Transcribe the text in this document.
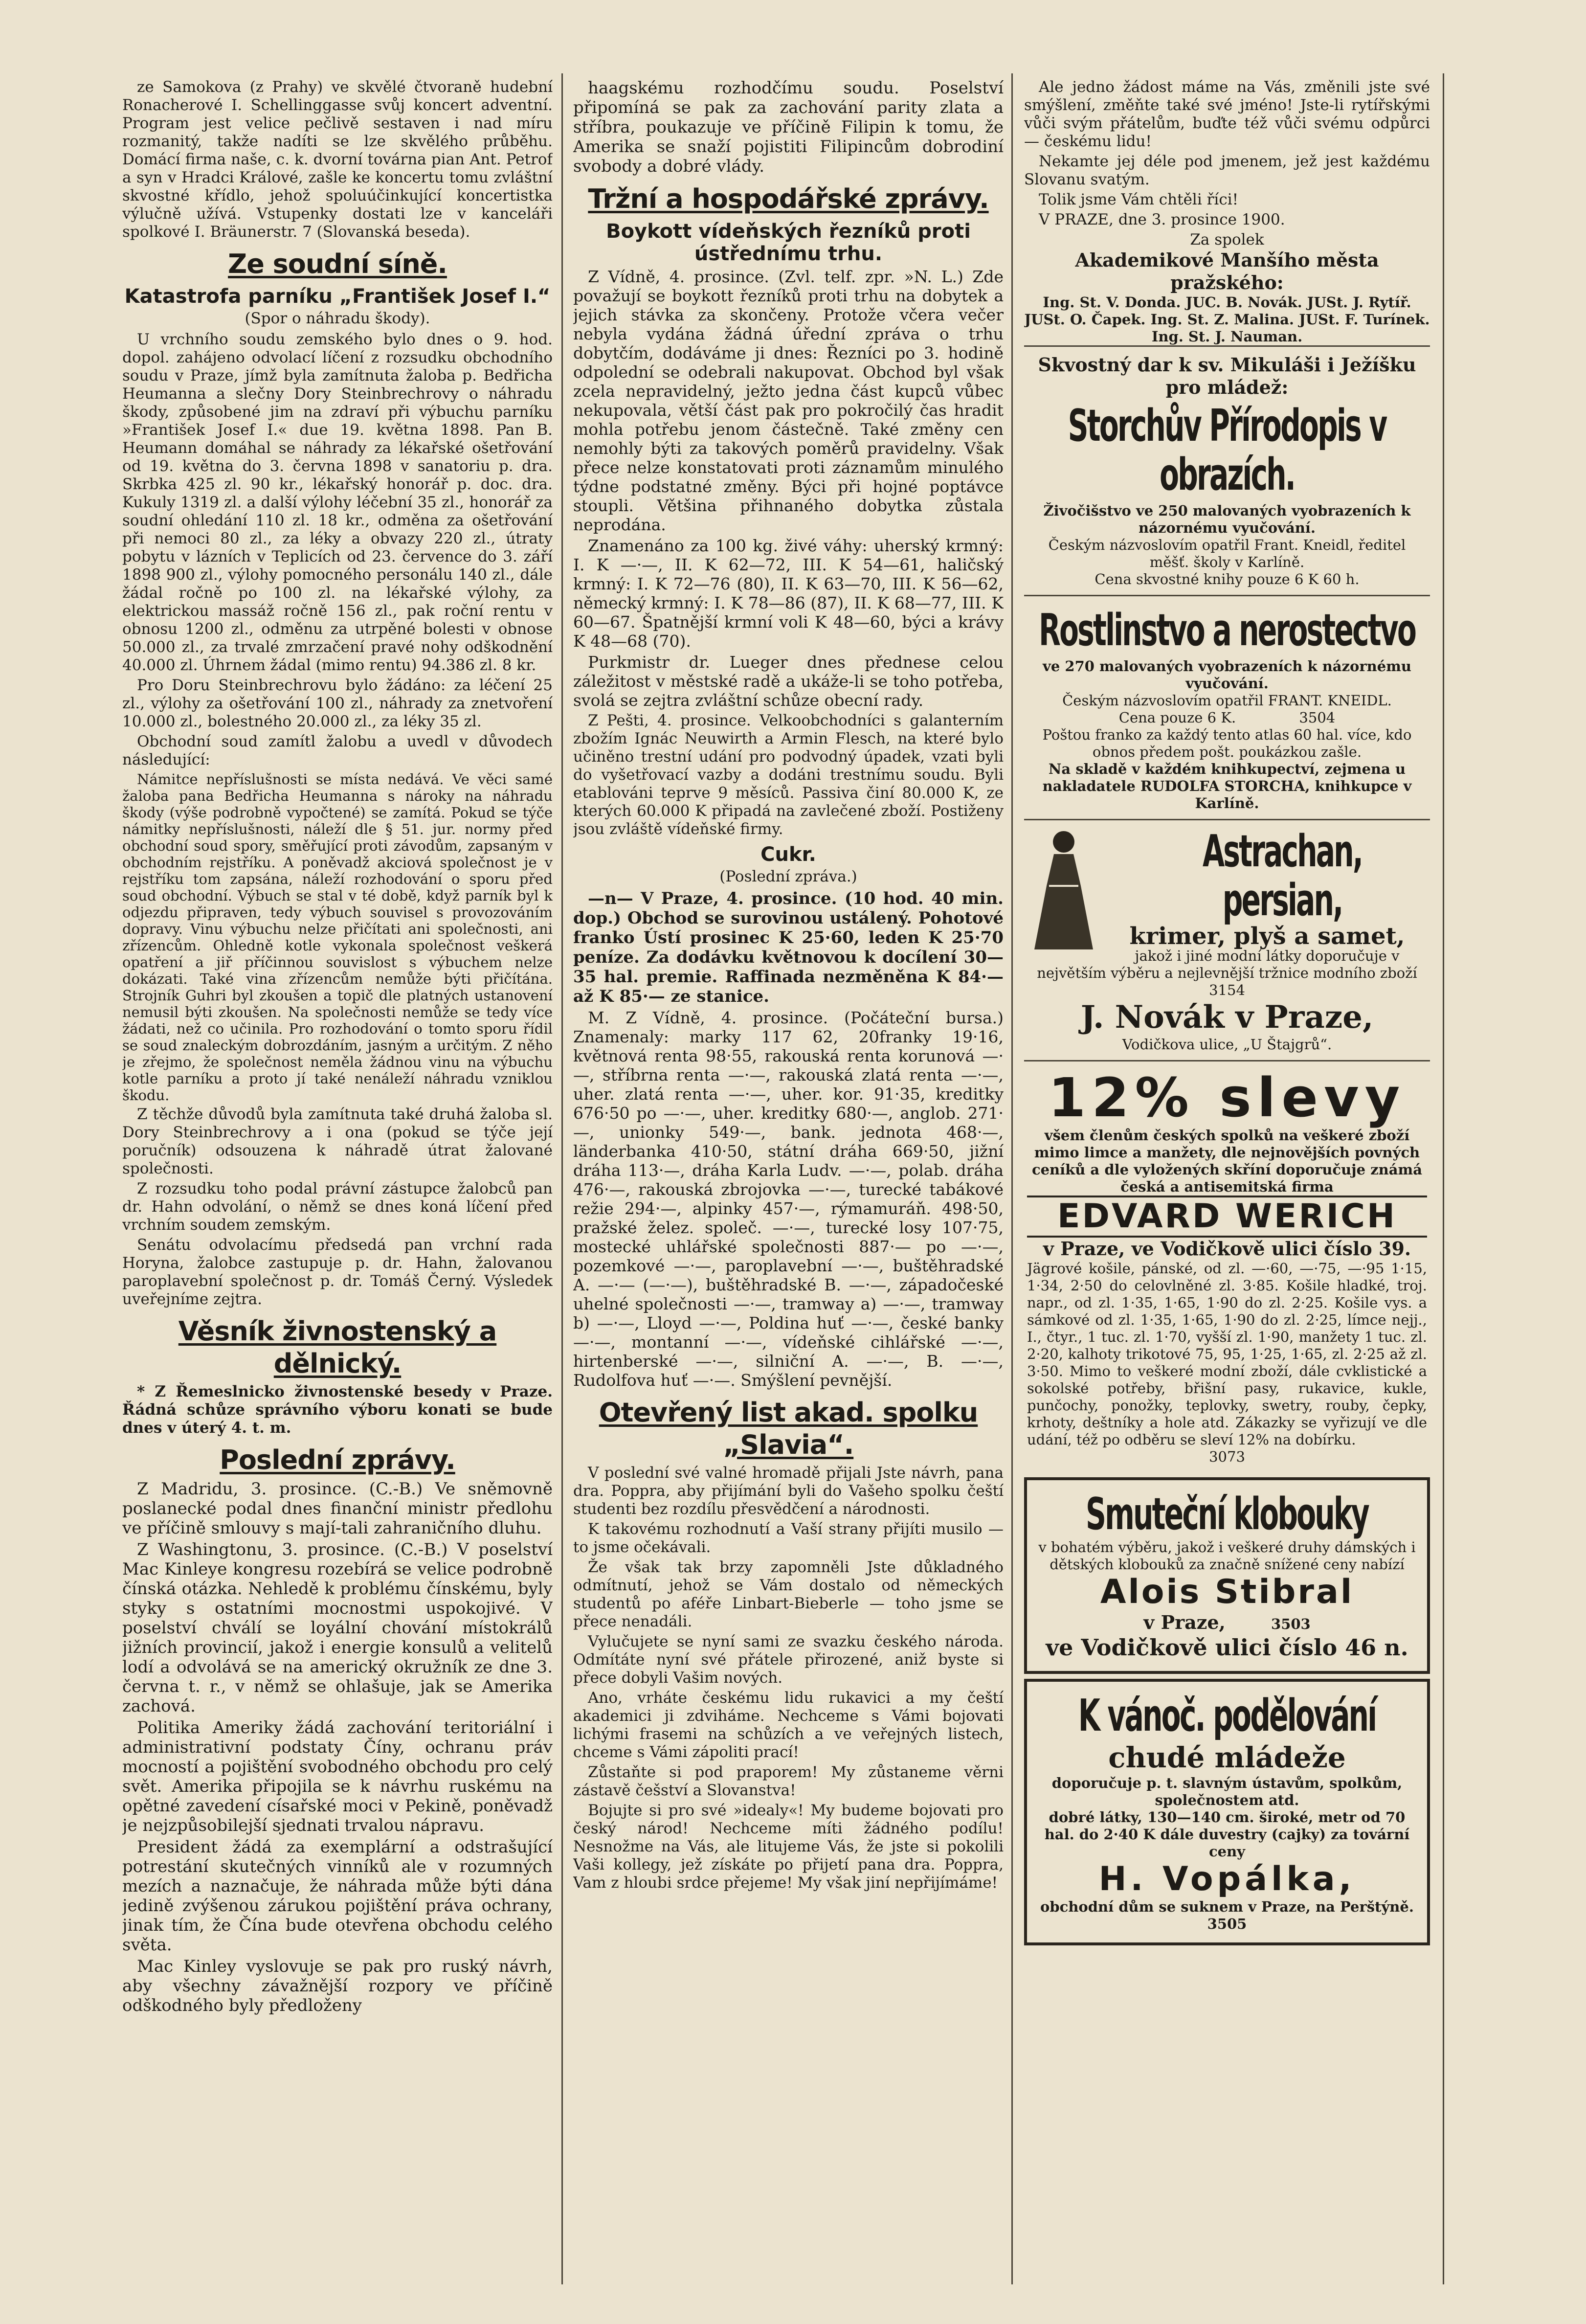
ze Samokova (z Prahy) ve skvělé čtvoraně hudební Ronacherové I. Schellinggasse svůj koncert adventní. Program jest velice pečlivě sestaven i nad míru rozmanitý, takže nadíti se lze skvělého průběhu. Domácí firma naše, c. k. dvorní továrna pian Ant. Petrof a syn v Hradci Králové, zašle ke koncertu tomu zvláštní skvostné křídlo, jehož spoluúčinkující koncertistka výlučně užívá. Vstupenky dostati lze v kanceláři spolkové I. Bräunerstr. 7 (Slovanská beseda).

Ze soudní síně.
Katastrofa parníku „František Josef I.“
(Spor o náhradu škody).

U vrchního soudu zemského bylo dnes o 9. hod. dopol. zahájeno odvolací líčení z rozsudku obchodního soudu v Praze, jímž byla zamítnuta žaloba p. Bedřicha Heumanna a slečny Dory Steinbrechrovy o náhradu škody, způsobené jim na zdraví při výbuchu parníku »František Josef I.« due 19. května 1898. Pan B. Heumann domáhal se náhrady za lékařské ošetřování od 19. května do 3. června 1898 v sanatoriu p. dra. Skrbka 425 zl. 90 kr., lékařský honorář p. doc. dra. Kukuly 1319 zl. a další výlohy léčební 35 zl., honorář za soudní ohledání 110 zl. 18 kr., odměna za ošetřování při nemoci 80 zl., za léky a obvazy 220 zl., útraty pobytu v lázních v Teplicích od 23. července do 3. září 1898 900 zl., výlohy pomocného personálu 140 zl., dále žádal ročně po 100 zl. na lékařské výlohy, za elektrickou massáž ročně 156 zl., pak roční rentu v obnosu 1200 zl., odměnu za utrpěné bolesti v obnose 50.000 zl., za trvalé zmrzačení pravé nohy odškodnění 40.000 zl. Úhrnem žádal (mimo rentu) 94.386 zl. 8 kr.

Pro Doru Steinbrechrovu bylo žádáno: za léčení 25 zl., výlohy za ošetřování 100 zl., náhrady za znetvoření 10.000 zl., bolestného 20.000 zl., za léky 35 zl.

Obchodní soud zamítl žalobu a uvedl v důvodech následující:

Námitce nepříslušnosti se místa nedává. Ve věci samé žaloba pana Bedřicha Heumanna s nároky na náhradu škody (výše podrobně vypočtené) se zamítá. Pokud se týče námitky nepříslušnosti, náleží dle § 51. jur. normy před obchodní soud spory, směřující proti závodům, zapsaným v obchodním rejstříku. A poněvadž akciová společnost je v rejstříku tom zapsána, náleží rozhodování o sporu před soud obchodní. Výbuch se stal v té době, když parník byl k odjezdu připraven, tedy výbuch souvisel s provozováním dopravy. Vinu výbuchu nelze přičítati ani společnosti, ani zřízencům. Ohledně kotle vykonala společnost veškerá opatření a jiř příčinnou souvislost s výbuchem nelze dokázati. Také vina zřízencům nemůže býti přičítána. Strojník Guhri byl zkoušen a topič dle platných ustanovení nemusil býti zkoušen. Na společnosti nemůže se tedy více žádati, než co učinila. Pro rozhodování o tomto sporu řídil se soud znaleckým dobrozdáním, jasným a určitým. Z něho je zřejmo, že společnost neměla žádnou vinu na výbuchu kotle parníku a proto jí také nenáleží náhradu vzniklou škodu.

Z těchže důvodů byla zamítnuta také druhá žaloba sl. Dory Steinbrechrovy a i ona (pokud se týče její poručník) odsouzena k náhradě útrat žalované společnosti.

Z rozsudku toho podal právní zástupce žalobců pan dr. Hahn odvolání, o němž se dnes koná líčení před vrchním soudem zemským.

Senátu odvolacímu předsedá pan vrchní rada Horyna, žalobce zastupuje p. dr. Hahn, žalovanou paroplavební společnost p. dr. Tomáš Černý. Výsledek uveřejníme zejtra.

Věsník živnostenský a dělnický.

* Z Řemeslnicko živnostenské besedy v Praze. Řádná schůze správního výboru konati se bude dnes v úterý 4. t. m.

Poslední zprávy.

Z Madridu, 3. prosince. (C.-B.) Ve sněmovně poslanecké podal dnes finanční ministr předlohu ve příčině smlouvy s mají-tali zahraničního dluhu.

Z Washingtonu, 3. prosince. (C.-B.) V poselství Mac Kinleye kongresu rozebírá se velice podrobně čínská otázka. Nehledě k problému čínskému, byly styky s ostatními mocnostmi uspokojivé. V poselství chválí se loyální chování místokrálů jižních provincií, jakož i energie konsulů a velitelů lodí a odvolává se na americký okružník ze dne 3. června t. r., v němž se ohlašuje, jak se Amerika zachová.

Politika Ameriky žádá zachování teritoriální i administrativní podstaty Číny, ochranu práv mocností a pojištění svobodného obchodu pro celý svět. Amerika připojila se k návrhu ruskému na opětné zavedení císařské moci v Pekině, poněvadž je nejzpůsobilejší sjednati trvalou nápravu.

President žádá za exemplární a odstrašující potrestání skutečných vinníků ale v rozumných mezích a naznačuje, že náhrada může býti dána jedině zvýšenou zárukou pojištění práva ochrany, jinak tím, že Čína bude otevřena obchodu celého světa.

Mac Kinley vyslovuje se pak pro ruský návrh, aby všechny závažnější rozpory ve příčině odškodného byly předloženy

haagskému rozhodčímu soudu. Poselství připomíná se pak za zachování parity zlata a stříbra, poukazuje ve příčině Filipin k tomu, že Amerika se snaží pojistiti Filipincům dobrodiní svobody a dobré vlády.

Tržní a hospodářské zprávy.
Boykott vídeňských řezníků proti ústřednímu trhu.

Z Vídně, 4. prosince. (Zvl. telf. zpr. »N. L.) Zde považují se boykott řezníků proti trhu na dobytek a jejich stávka za skončeny. Protože včera večer nebyla vydána žádná úřední zpráva o trhu dobytčím, dodáváme ji dnes: Řezníci po 3. hodině odpolední se odebrali nakupovat. Obchod byl však zcela nepravidelný, ježto jedna část kupců vůbec nekupovala, větší část pak pro pokročilý čas hradit mohla potřebu jenom částečně. Také změny cen nemohly býti za takových poměrů pravidelny. Však přece nelze konstatovati proti záznamům minulého týdne podstatné změny. Býci při hojné poptávce stoupli. Většina přihnaného dobytka zůstala neprodána.

Znamenáno za 100 kg. živé váhy: uherský krmný: I. K —·—, II. K 62—72, III. K 54—61, haličský krmný: I. K 72—76 (80), II. K 63—70, III. K 56—62, německý krmný: I. K 78—86 (87), II. K 68—77, III. K 60—67. Špatnější krmní voli K 48—60, býci a krávy K 48—68 (70).

Purkmistr dr. Lueger dnes přednese celou záležitost v městské radě a ukáže-li se toho potřeba, svolá se zejtra zvláštní schůze obecní rady.

Z Pešti, 4. prosince. Velkoobchodníci s galanterním zbožím Ignác Neuwirth a Armin Flesch, na které bylo učiněno trestní udání pro podvodný úpadek, vzati byli do vyšetřovací vazby a dodáni trestnímu soudu. Byli etablováni teprve 9 měsíců. Passiva činí 80.000 K, ze kterých 60.000 K připadá na zavlečené zboží. Postiženy jsou zvláště vídeňské firmy.

Cukr.
(Poslední zpráva.)

—n— V Praze, 4. prosince. (10 hod. 40 min. dop.) Obchod se surovinou ustálený. Pohotové franko Ústí prosinec K 25·60, leden K 25·70 peníze. Za dodávku květnovou k docílení 30—35 hal. premie. Raffinada nezměněna K 84·— až K 85·— ze stanice.

M. Z Vídně, 4. prosince. (Počáteční bursa.) Znamenaly: marky 117 62, 20franky 19·16, květnová renta 98·55, rakouská renta korunová —·—, stříbrna renta —·—, rakouská zlatá renta —·—, uher. zlatá renta —·—, uher. kor. 91·35, kreditky 676·50 po —·—, uher. kreditky 680·—, anglob. 271·—, unionky 549·—, bank. jednota 468·—, länderbanka 410·50, státní dráha 669·50, jižní dráha 113·—, dráha Karla Ludv. —·—, polab. dráha 476·—, rakouská zbrojovka —·—, turecké tabákové režie 294·—, alpinky 457·—, rýmamuráň. 498·50, pražské želez. společ. —·—, turecké losy 107·75, mostecké uhlářské společnosti 887·— po —·—, pozemkové —·—, paroplavební —·—, buštěhradské A. —·— (—·—), buštěhradské B. —·—, západočeské uhelné společnosti —·—, tramway a) —·—, tramway b) —·—, Lloyd —·—, Poldina huť —·—, české banky —·—, montanní —·—, vídeňské cihlářské —·—, hirtenberské —·—, silniční A. —·—, B. —·—, Rudolfova huť —·—. Smýšlení pevnější.

Otevřený list akad. spolku „Slavia“.

V poslední své valné hromadě přijali Jste návrh, pana dra. Poppra, aby přijímání byli do Vašeho spolku čeští studenti bez rozdílu přesvědčení a národnosti.

K takovému rozhodnutí a Vaší strany přijíti musilo — to jsme očekávali.

Že však tak brzy zapomněli Jste důkladného odmítnutí, jehož se Vám dostalo od německých studentů po aféře Linbart-Bieberle — toho jsme se přece nenadáli.

Vylučujete se nyní sami ze svazku českého národa. Odmítáte nyní své přátele přirozené, aniž byste si přece dobyli Vašim nových.

Ano, vrháte českému lidu rukavici a my čeští akademici ji zdviháme. Nechceme s Vámi bojovati lichými frasemi na schůzích a ve veřejných listech, chceme s Vámi zápoliti prací!

Zůstaňte si pod praporem! My zůstaneme věrni zástavě češství a Slovanstva!

Bojujte si pro své »idealy«! My budeme bojovati pro český národ! Nechceme míti žádného podílu! Nesnožme na Vás, ale litujeme Vás, že jste si pokolili Vaši kollegy, jež získáte po přijetí pana dra. Poppra, Vam z hloubi srdce přejeme! My však jiní nepřijímáme!

Ale jedno žádost máme na Vás, změnili jste své smýšlení, změňte také své jméno! Jste-li rytířskými vůči svým přátelům, buďte též vůči svému odpůrci — českému lidu!

Nekamte jej déle pod jmenem, jež jest každému Slovanu svatým.

Tolik jsme Vám chtěli říci!

V PRAZE, dne 3. prosince 1900.

Za spolek
Akademikové Manšího města pražského:
Ing. St. V. Donda. JUC. B. Novák. JUSt. J. Rytíř. JUSt. O. Čapek. Ing. St. Z. Malina. JUSt. F. Turínek. Ing. St. J. Nauman.
Skvostný dar k sv. Mikuláši i Ježíšku pro mládež:
Storchův Přírodopis v obrazích.
Živočišstvo ve 250 malovaných vyobrazeních k názornému vyučování.
Českým názvoslovím opatřil Frant. Kneidl, ředitel měšť. školy v Karlíně.
Cena skvostné knihy pouze 6 K 60 h.
Rostlinstvo a nerostectvo
ve 270 malovaných vyobrazeních k názornému vyučování.
Českým názvoslovím opatřil FRANT. KNEIDL.
Cena pouze 6 K.	3504
Poštou franko za každý tento atlas 60 hal. více, kdo obnos předem pošt. poukázkou zašle.
Na skladě v každém knihkupectví, zejmena u nakladatele RUDOLFA STORCHA, knihkupce v Karlíně.
Astrachan, persian,
krimer, plyš a samet,
jakož i jiné modní látky doporučuje v největším výběru a nejlevnější tržnice modního zboží 3154
J. Novák v Praze,
Vodičkova ulice, „U Štajgrů“.
12% slevy
všem členům českých spolků na veškeré zboží mimo limce a manžety, dle nejnovějších povných ceníků a dle vyložených skříní doporučuje známá česká a antisemitská firma
EDVARD WERICH
v Praze, ve Vodičkově ulici číslo 39.
Jägrové košile, pánské, od zl. —·60, —·75, —·95 1·15, 1·34, 2·50 do celovlněné zl. 3·85. Košile hladké, troj. napr., od zl. 1·35, 1·65, 1·90 do zl. 2·25. Košile vys. a sámkové od zl. 1·35, 1·65, 1·90 do zl. 2·25, límce nejj., I., čtyr., 1 tuc. zl. 1·70, vyšší zl. 1·90, manžety 1 tuc. zl. 2·20, kalhoty trikotové 75, 95, 1·25, 1·65, zl. 2·25 až zl. 3·50. Mimo to veškeré modní zboží, dále cvklistické a sokolské potřeby, břišní pasy, rukavice, kukle, punčochy, ponožky, teplovky, swetry, rouby, čepky, krhoty, deštníky a hole atd. Zákazky se vyřizují ve dle udání, též po odběru se sleví 12% na dobírku.
3073
Smuteční klobouky
v bohatém výběru, jakož i veškeré druhy dámských i dětských klobouků za značně snížené ceny nabízí
Alois Stibral
v Praze,	3503
ve Vodičkově ulici číslo 46 n.
K vánoč. podělování
chudé mládeže
doporučuje p. t. slavným ústavům, spolkům, společnostem atd.
dobré látky, 130—140 cm. široké, metr od 70 hal. do 2·40 K dále duvestry (cajky) za tovární ceny
H. Vopálka,
obchodní dům se suknem v Praze, na Perštýně. 3505
